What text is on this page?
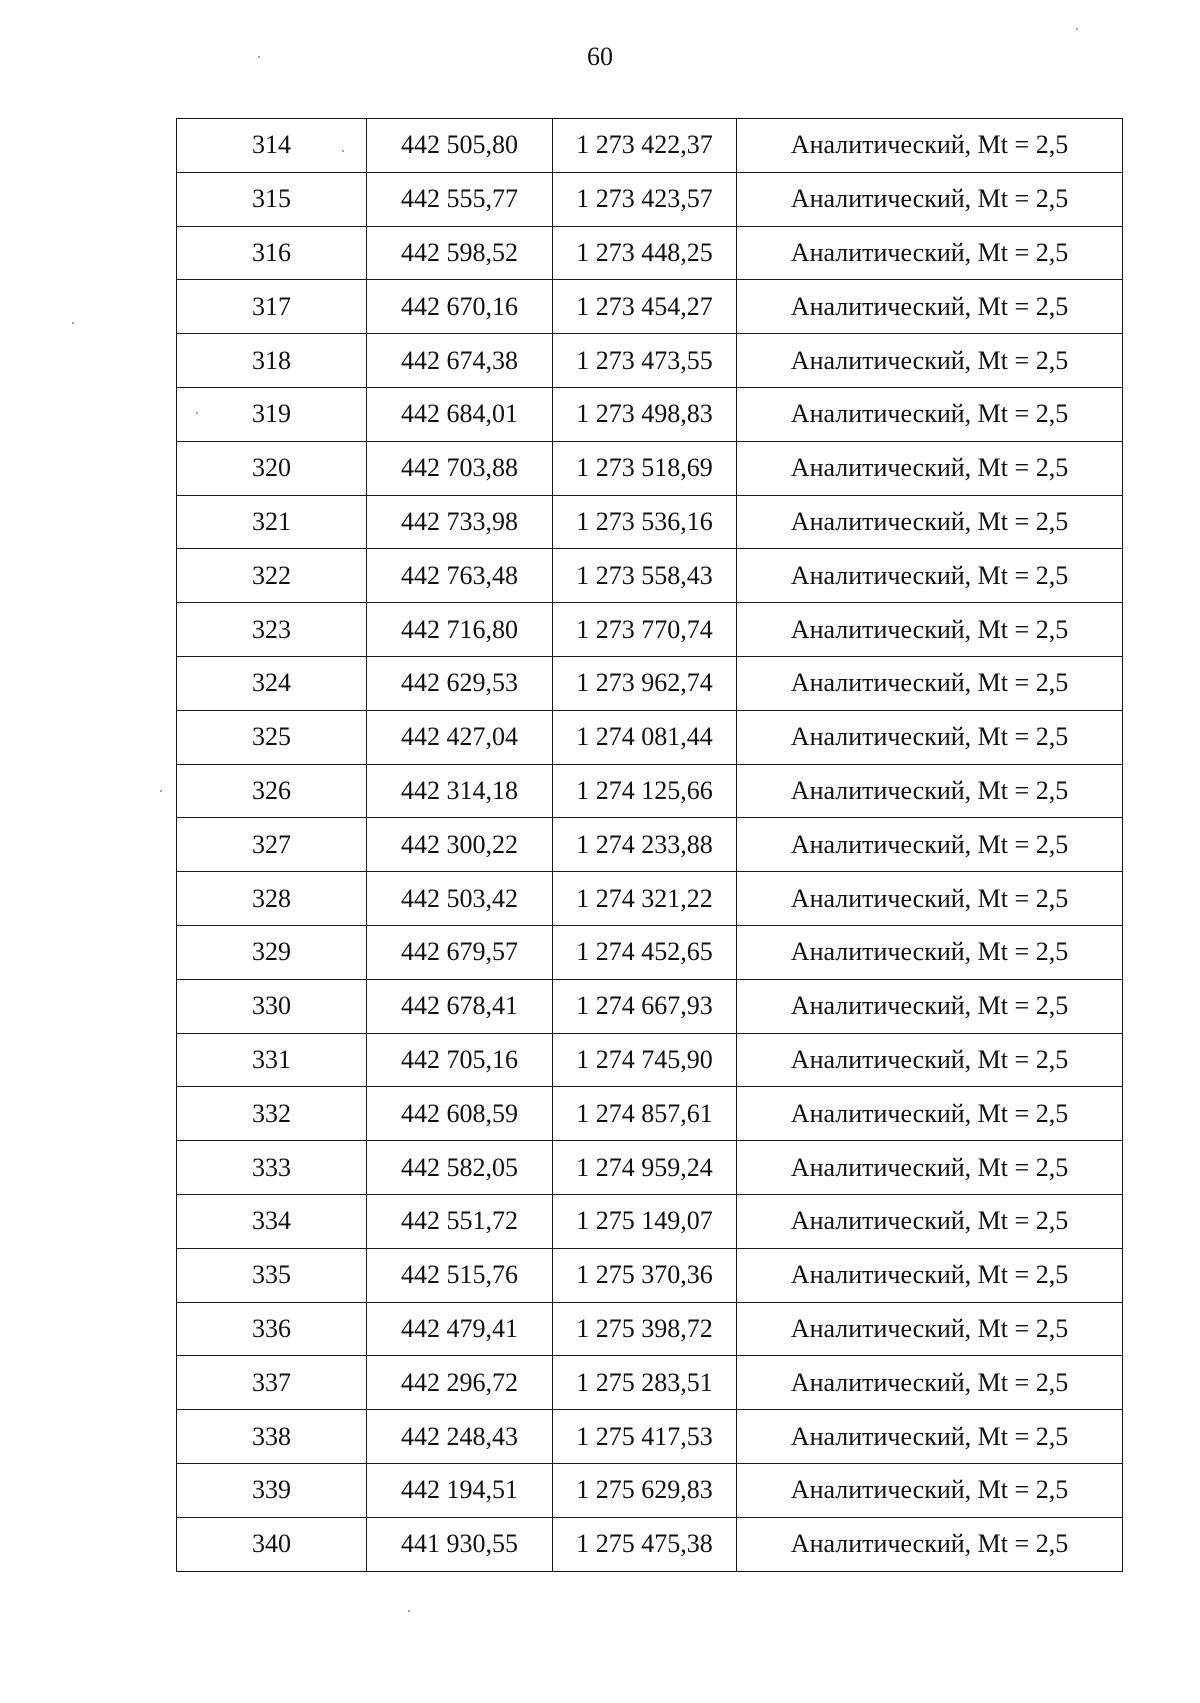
60
314	442 505,80	1 273 422,37	Аналитический, Mt = 2,5
315	442 555,77	1 273 423,57	Аналитический, Mt = 2,5
316	442 598,52	1 273 448,25	Аналитический, Mt = 2,5
317	442 670,16	1 273 454,27	Аналитический, Mt = 2,5
318	442 674,38	1 273 473,55	Аналитический, Mt = 2,5
319	442 684,01	1 273 498,83	Аналитический, Mt = 2,5
320	442 703,88	1 273 518,69	Аналитический, Mt = 2,5
321	442 733,98	1 273 536,16	Аналитический, Mt = 2,5
322	442 763,48	1 273 558,43	Аналитический, Mt = 2,5
323	442 716,80	1 273 770,74	Аналитический, Mt = 2,5
324	442 629,53	1 273 962,74	Аналитический, Mt = 2,5
325	442 427,04	1 274 081,44	Аналитический, Mt = 2,5
326	442 314,18	1 274 125,66	Аналитический, Mt = 2,5
327	442 300,22	1 274 233,88	Аналитический, Mt = 2,5
328	442 503,42	1 274 321,22	Аналитический, Mt = 2,5
329	442 679,57	1 274 452,65	Аналитический, Mt = 2,5
330	442 678,41	1 274 667,93	Аналитический, Mt = 2,5
331	442 705,16	1 274 745,90	Аналитический, Mt = 2,5
332	442 608,59	1 274 857,61	Аналитический, Mt = 2,5
333	442 582,05	1 274 959,24	Аналитический, Mt = 2,5
334	442 551,72	1 275 149,07	Аналитический, Mt = 2,5
335	442 515,76	1 275 370,36	Аналитический, Mt = 2,5
336	442 479,41	1 275 398,72	Аналитический, Mt = 2,5
337	442 296,72	1 275 283,51	Аналитический, Mt = 2,5
338	442 248,43	1 275 417,53	Аналитический, Mt = 2,5
339	442 194,51	1 275 629,83	Аналитический, Mt = 2,5
340	441 930,55	1 275 475,38	Аналитический, Mt = 2,5
